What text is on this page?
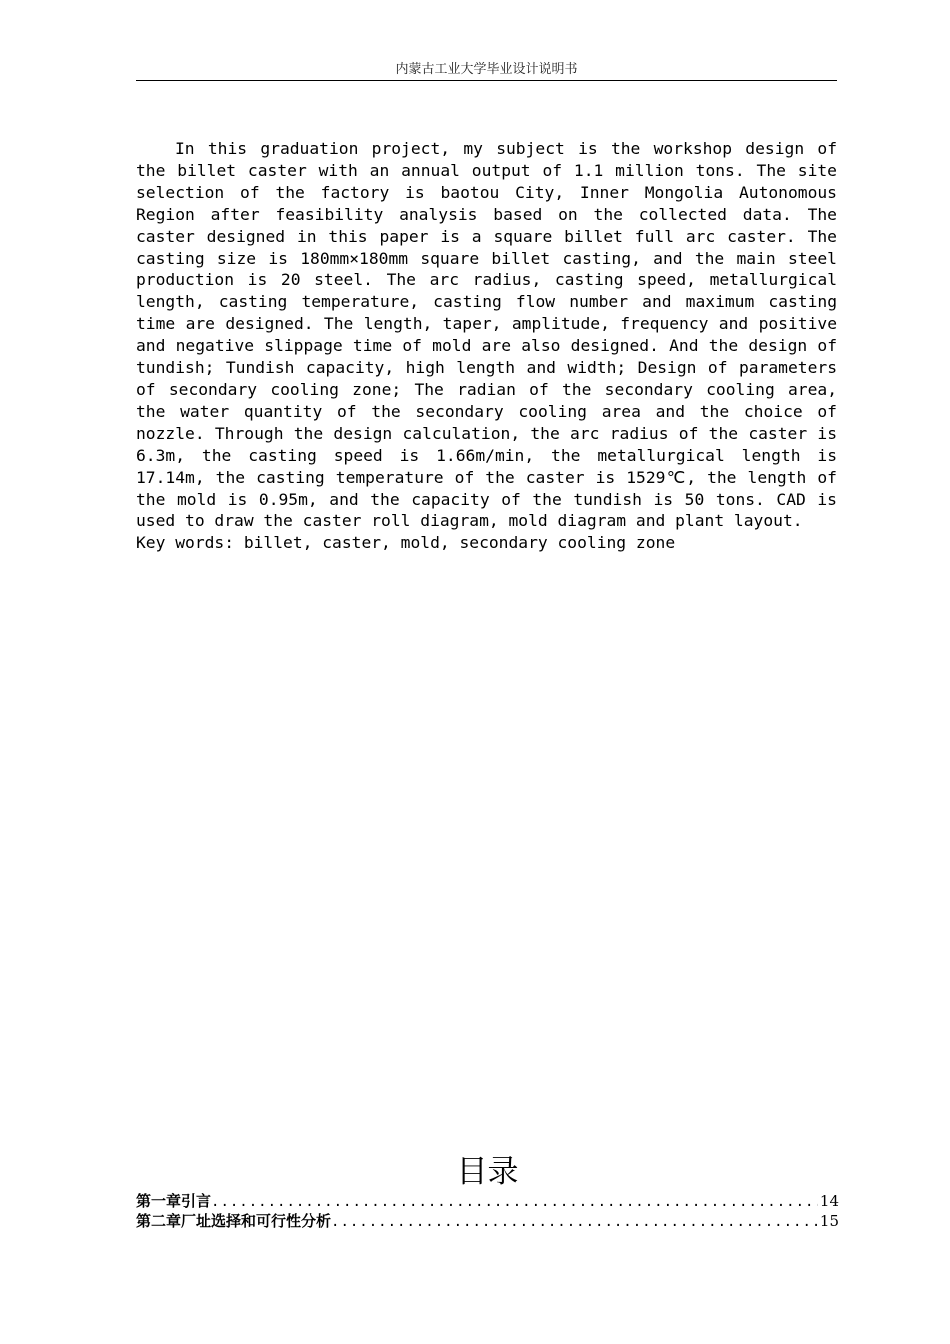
内蒙古工业大学毕业设计说明书

In this graduation project, my subject is the workshop design of the billet caster with an annual output of 1.1 million tons. The site selection of the factory is baotou City, Inner Mongolia Autonomous Region after feasibility analysis based on the collected data. The caster designed in this paper is a square billet full arc caster. The casting size is 180mm×180mm square billet casting, and the main steel production is 20 steel. The arc radius, casting speed, metallurgical length, casting temperature, casting flow number and maximum casting time are designed. The length, taper, amplitude, frequency and positive and negative slippage time of mold are also designed. And the design of tundish; Tundish capacity, high length and width; Design of parameters of secondary cooling zone; The radian of the secondary cooling area, the water quantity of the secondary cooling area and the choice of nozzle. Through the design calculation, the arc radius of the caster is 6.3m, the casting speed is 1.66m/min, the metallurgical length is 17.14m, the casting temperature of the caster is 1529℃, the length of the mold is 0.95m, and the capacity of the tundish is 50 tons. CAD is used to draw the caster roll diagram, mold diagram and plant layout.

Key words: billet, caster, mold, secondary cooling zone
目录
第一章引言 .....	14
第二章厂址选择和可行性分析 .....	15
